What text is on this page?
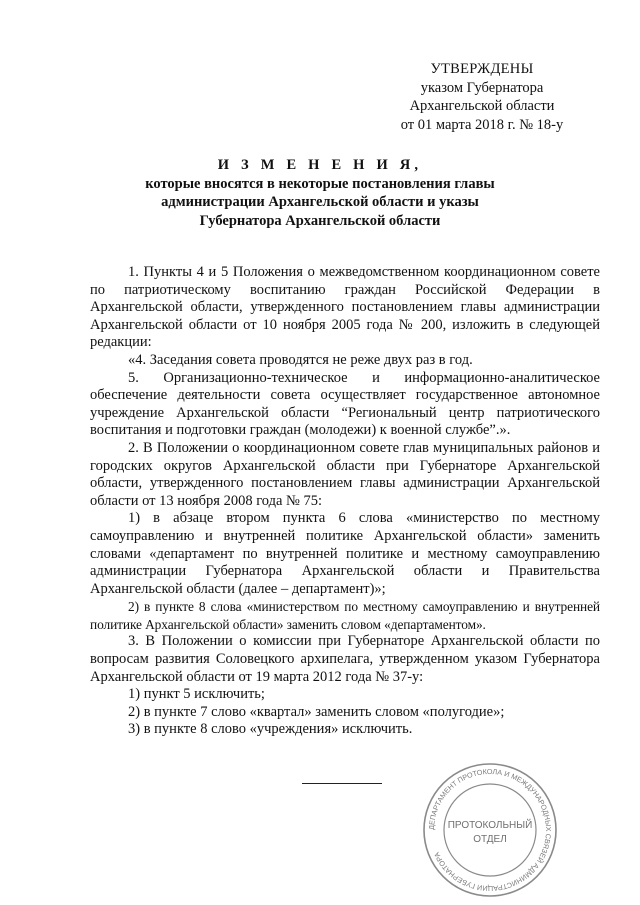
УТВЕРЖДЕНЫ
указом Губернатора
Архангельской области
от 01 марта 2018 г. № 18-у
И З М Е Н Е Н И Я,
которые вносятся в некоторые постановления главы
администрации Архангельской области и указы
Губернатора Архангельской области

1. Пункты 4 и 5 Положения о межведомственном координационном совете по патриотическому воспитанию граждан Российской Федерации в Архангельской области, утвержденного постановлением главы администрации Архангельской области от 10 ноября 2005 года № 200, изложить в следующей редакции:

«4. Заседания совета проводятся не реже двух раз в год.

5. Организационно-техническое и информационно-аналитическое обеспечение деятельности совета осуществляет государственное автономное учреждение Архангельской области “Региональный центр патриотического воспитания и подготовки граждан (молодежи) к военной службе”.».

2. В Положении о координационном совете глав муниципальных районов и городских округов Архангельской области при Губернаторе Архангельской области, утвержденного постановлением главы администрации Архангельской области от 13 ноября 2008 года № 75:

1) в абзаце втором пункта 6 слова «министерство по местному самоуправлению и внутренней политике Архангельской области» заменить словами «департамент по внутренней политике и местному самоуправлению администрации Губернатора Архангельской области и Правительства Архангельской области (далее – департамент)»;

2) в пункте 8 слова «министерством по местному самоуправлению и внутренней политике Архангельской области» заменить словом «департаментом».

3. В Положении о комиссии при Губернаторе Архангельской области по вопросам развития Соловецкого архипелага, утвержденном указом Губернатора Архангельской области от 19 марта 2012 года № 37-у:

1) пункт 5 исключить;

2) в пункте 7 слово «квартал» заменить словом «полугодие»;

3) в пункте 8 слово «учреждения» исключить.

ДЕПАРТАМЕНТ ПРОТОКОЛА И МЕЖДУНАРОДНЫХ СВЯЗЕЙ АДМИНИСТРАЦИИ ГУБЕРНАТОРА
ПРОТОКОЛЬНЫЙ
ОТДЕЛ
